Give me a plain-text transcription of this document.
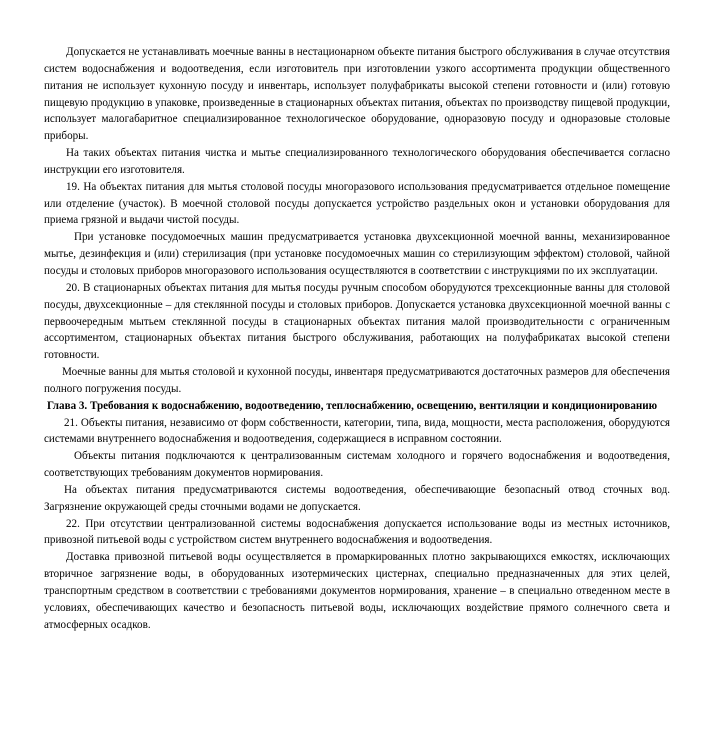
Допускается не устанавливать моечные ванны в нестационарном объекте питания быстрого обслуживания в случае отсутствия систем водоснабжения и водоотведения, если изготовитель при изготовлении узкого ассортимента продукции общественного питания не использует кухонную посуду и инвентарь, использует полуфабрикаты высокой степени готовности и (или) готовую пищевую продукцию в упаковке, произведенные в стационарных объектах питания, объектах по производству пищевой продукции, использует малогабаритное специализированное технологическое оборудование, одноразовую посуду и одноразовые столовые приборы.

На таких объектах питания чистка и мытье специализированного технологического оборудования обеспечивается согласно инструкции его изготовителя.

19. На объектах питания для мытья столовой посуды многоразового использования предусматривается отдельное помещение или отделение (участок). В моечной столовой посуды допускается устройство раздельных окон и установки оборудования для приема грязной и выдачи чистой посуды.

При установке посудомоечных машин предусматривается установка двухсекционной моечной ванны, механизированное мытье, дезинфекция и (или) стерилизация (при установке посудомоечных машин со стерилизующим эффектом) столовой, чайной посуды и столовых приборов многоразового использования осуществляются в соответствии с инструкциями по их эксплуатации.

20. В стационарных объектах питания для мытья посуды ручным способом оборудуются трехсекционные ванны для столовой посуды, двухсекционные – для стеклянной посуды и столовых приборов. Допускается установка двухсекционной моечной ванны с первоочередным мытьем стеклянной посуды в стационарных объектах питания малой производительности с ограниченным ассортиментом, стационарных объектах питания быстрого обслуживания, работающих на полуфабрикатах высокой степени готовности.

Моечные ванны для мытья столовой и кухонной посуды, инвентаря предусматриваются достаточных размеров для обеспечения полного погружения посуды.

Глава 3. Требования к водоснабжению, водоотведению, теплоснабжению, освещению, вентиляции и кондиционированию

21. Объекты питания, независимо от форм собственности, категории, типа, вида, мощности, места расположения, оборудуются системами внутреннего водоснабжения и водоотведения, содержащиеся в исправном состоянии.

Объекты питания подключаются к централизованным системам холодного и горячего водоснабжения и водоотведения, соответствующих требованиям документов нормирования.

На объектах питания предусматриваются системы водоотведения, обеспечивающие безопасный отвод сточных вод. Загрязнение окружающей среды сточными водами не допускается.

22. При отсутствии централизованной системы водоснабжения допускается использование воды из местных источников, привозной питьевой воды с устройством систем внутреннего водоснабжения и водоотведения.

Доставка привозной питьевой воды осуществляется в промаркированных плотно закрывающихся емкостях, исключающих вторичное загрязнение воды, в оборудованных изотермических цистернах, специально предназначенных для этих целей, транспортным средством в соответствии с требованиями документов нормирования, хранение – в специально отведенном месте в условиях, обеспечивающих качество и безопасность питьевой воды, исключающих воздействие прямого солнечного света и атмосферных осадков.
